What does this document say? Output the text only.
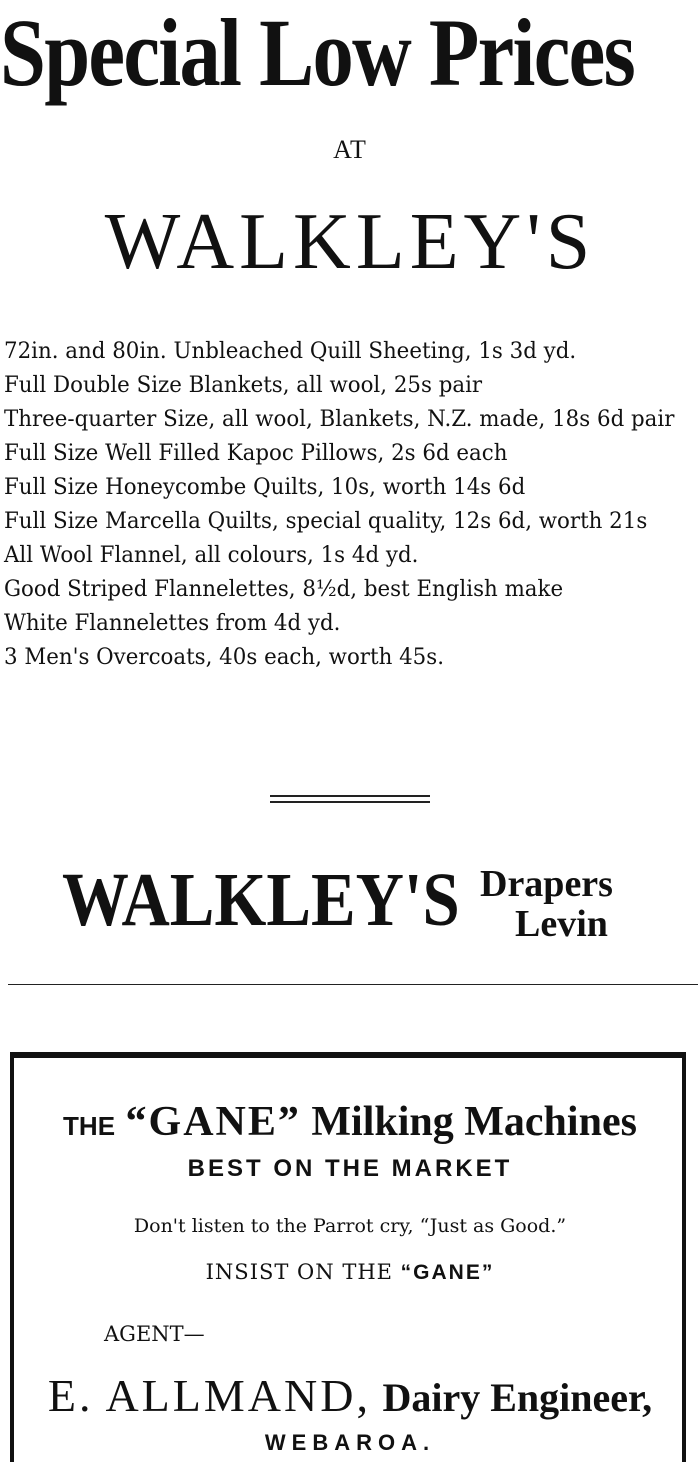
Special Low Prices
AT
WALKLEY'S
72in. and 80in. Unbleached Quill Sheeting, 1s 3d yd.
Full Double Size Blankets, all wool, 25s pair
Three-quarter Size, all wool, Blankets, N.Z. made, 18s 6d pair
Full Size Well Filled Kapoc Pillows, 2s 6d each
Full Size Honeycombe Quilts, 10s, worth 14s 6d
Full Size Marcella Quilts, special quality, 12s 6d, worth 21s
All Wool Flannel, all colours, 1s 4d yd.
Good Striped Flannelettes, 8½d, best English make
White Flannelettes from 4d yd.
3 Men's Overcoats, 40s each, worth 45s.
WALKLEY'S Drapers
Levin
THE “GANE” Milking Machines
BEST ON THE MARKET
Don't listen to the Parrot cry, “Just as Good.”
INSIST ON THE “GANE”
AGENT—
E. ALLMAND, Dairy Engineer,
WEBAROA.
